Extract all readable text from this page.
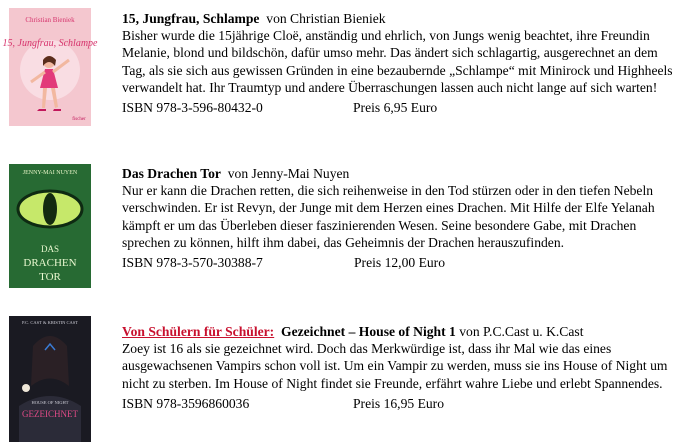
Christian Bieniek
15, Jungfrau, Schlampe
fischer
15, Jungfrau, Schlampe von Christian Bieniek
Bisher wurde die 15jährige Cloë, anständig und ehrlich, von Jungs wenig beachtet, ihre Freundin Melanie, blond und bildschön, dafür umso mehr. Das ändert sich schlagartig, ausgerechnet an dem Tag, als sie sich aus gewissen Gründen in eine bezaubernde „Schlampe“ mit Minirock und Highheels verwandelt hat. Ihr Traumtyp und andere Überraschungen lassen auch nicht lange auf sich warten!
ISBN 978-3-596-80432-0	Preis 6,95 Euro
JENNY-MAI NUYEN
DAS
DRACHEN
TOR
Das Drachen Tor von Jenny-Mai Nuyen
Nur er kann die Drachen retten, die sich reihenweise in den Tod stürzen oder in den tiefen Nebeln verschwinden. Er ist Revyn, der Junge mit dem Herzen eines Drachen. Mit Hilfe der Elfe Yelanah kämpft er um das Überleben dieser faszinierenden Wesen. Seine besondere Gabe, mit Drachen sprechen zu können, hilft ihm dabei, das Geheimnis der Drachen herauszufinden.
ISBN 978-3-570-30388-7	Preis 12,00 Euro
P.C. CAST & KRISTIN CAST
HOUSE OF NIGHT
GEZEICHNET
Von Schülern für Schüler: Gezeichnet – House of Night 1 von P.C.Cast u. K.Cast
Zoey ist 16 als sie gezeichnet wird. Doch das Merkwürdige ist, dass ihr Mal wie das eines ausgewachsenen Vampirs schon voll ist. Um ein Vampir zu werden, muss sie ins House of Night um nicht zu sterben. Im House of Night findet sie Freunde, erfährt wahre Liebe und erlebt Spannendes.
ISBN 978-3596860036	Preis 16,95 Euro
